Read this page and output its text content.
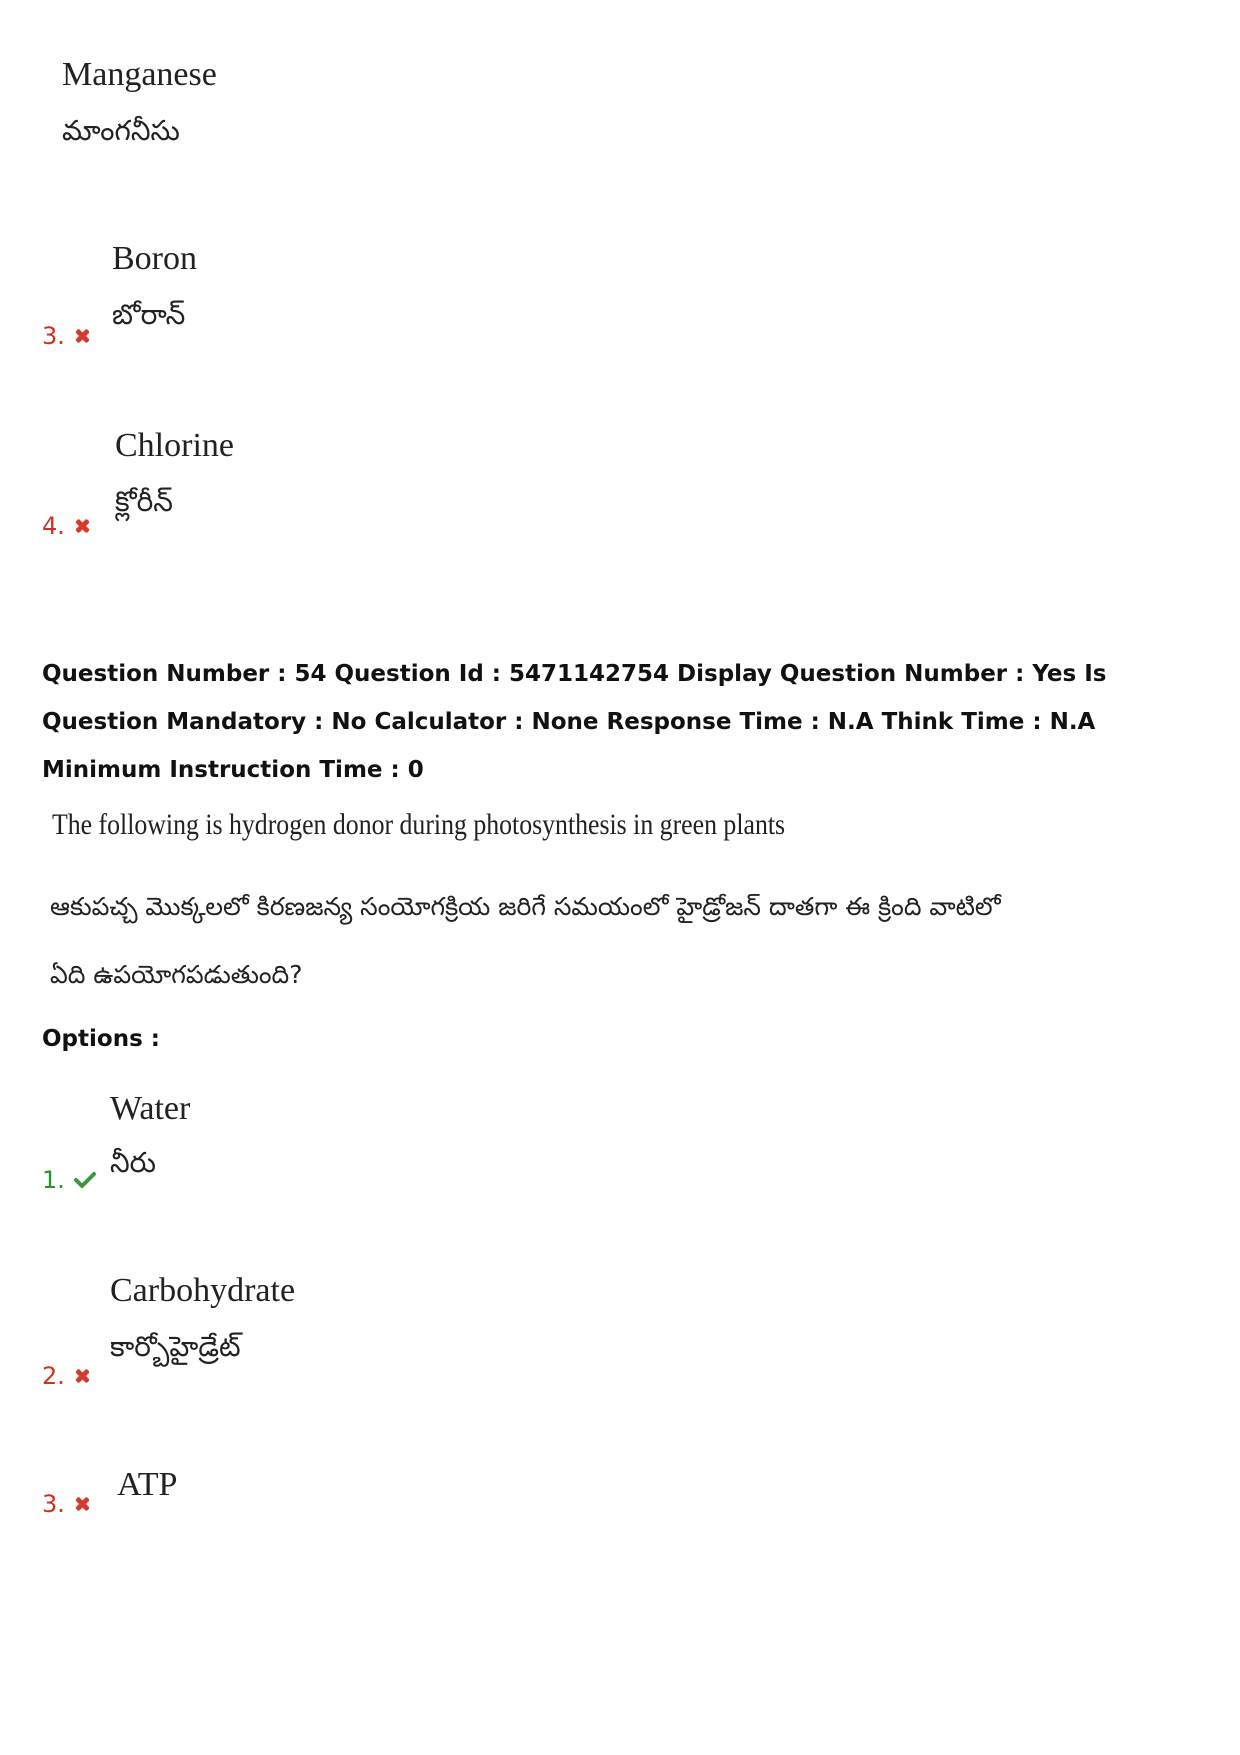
Manganese
మాంగనీసు
Boron
బోరాన్
3.
Chlorine
క్లోరీన్
4.
Question Number : 54 Question Id : 5471142754 Display Question Number : Yes Is Question Mandatory : No Calculator : None Response Time : N.A Think Time : N.A Minimum Instruction Time : 0
The following is hydrogen donor during photosynthesis in green plants
ఆకుపచ్చ మొక్కలలో కిరణజన్య సంయోగక్రియ జరిగే సమయంలో హైడ్రోజన్ దాతగా ఈ క్రింది వాటిలో
ఏది ఉపయోగపడుతుంది?
Options :
Water
నీరు
1.
Carbohydrate
కార్బోహైడ్రేట్
2.
ATP
3.
